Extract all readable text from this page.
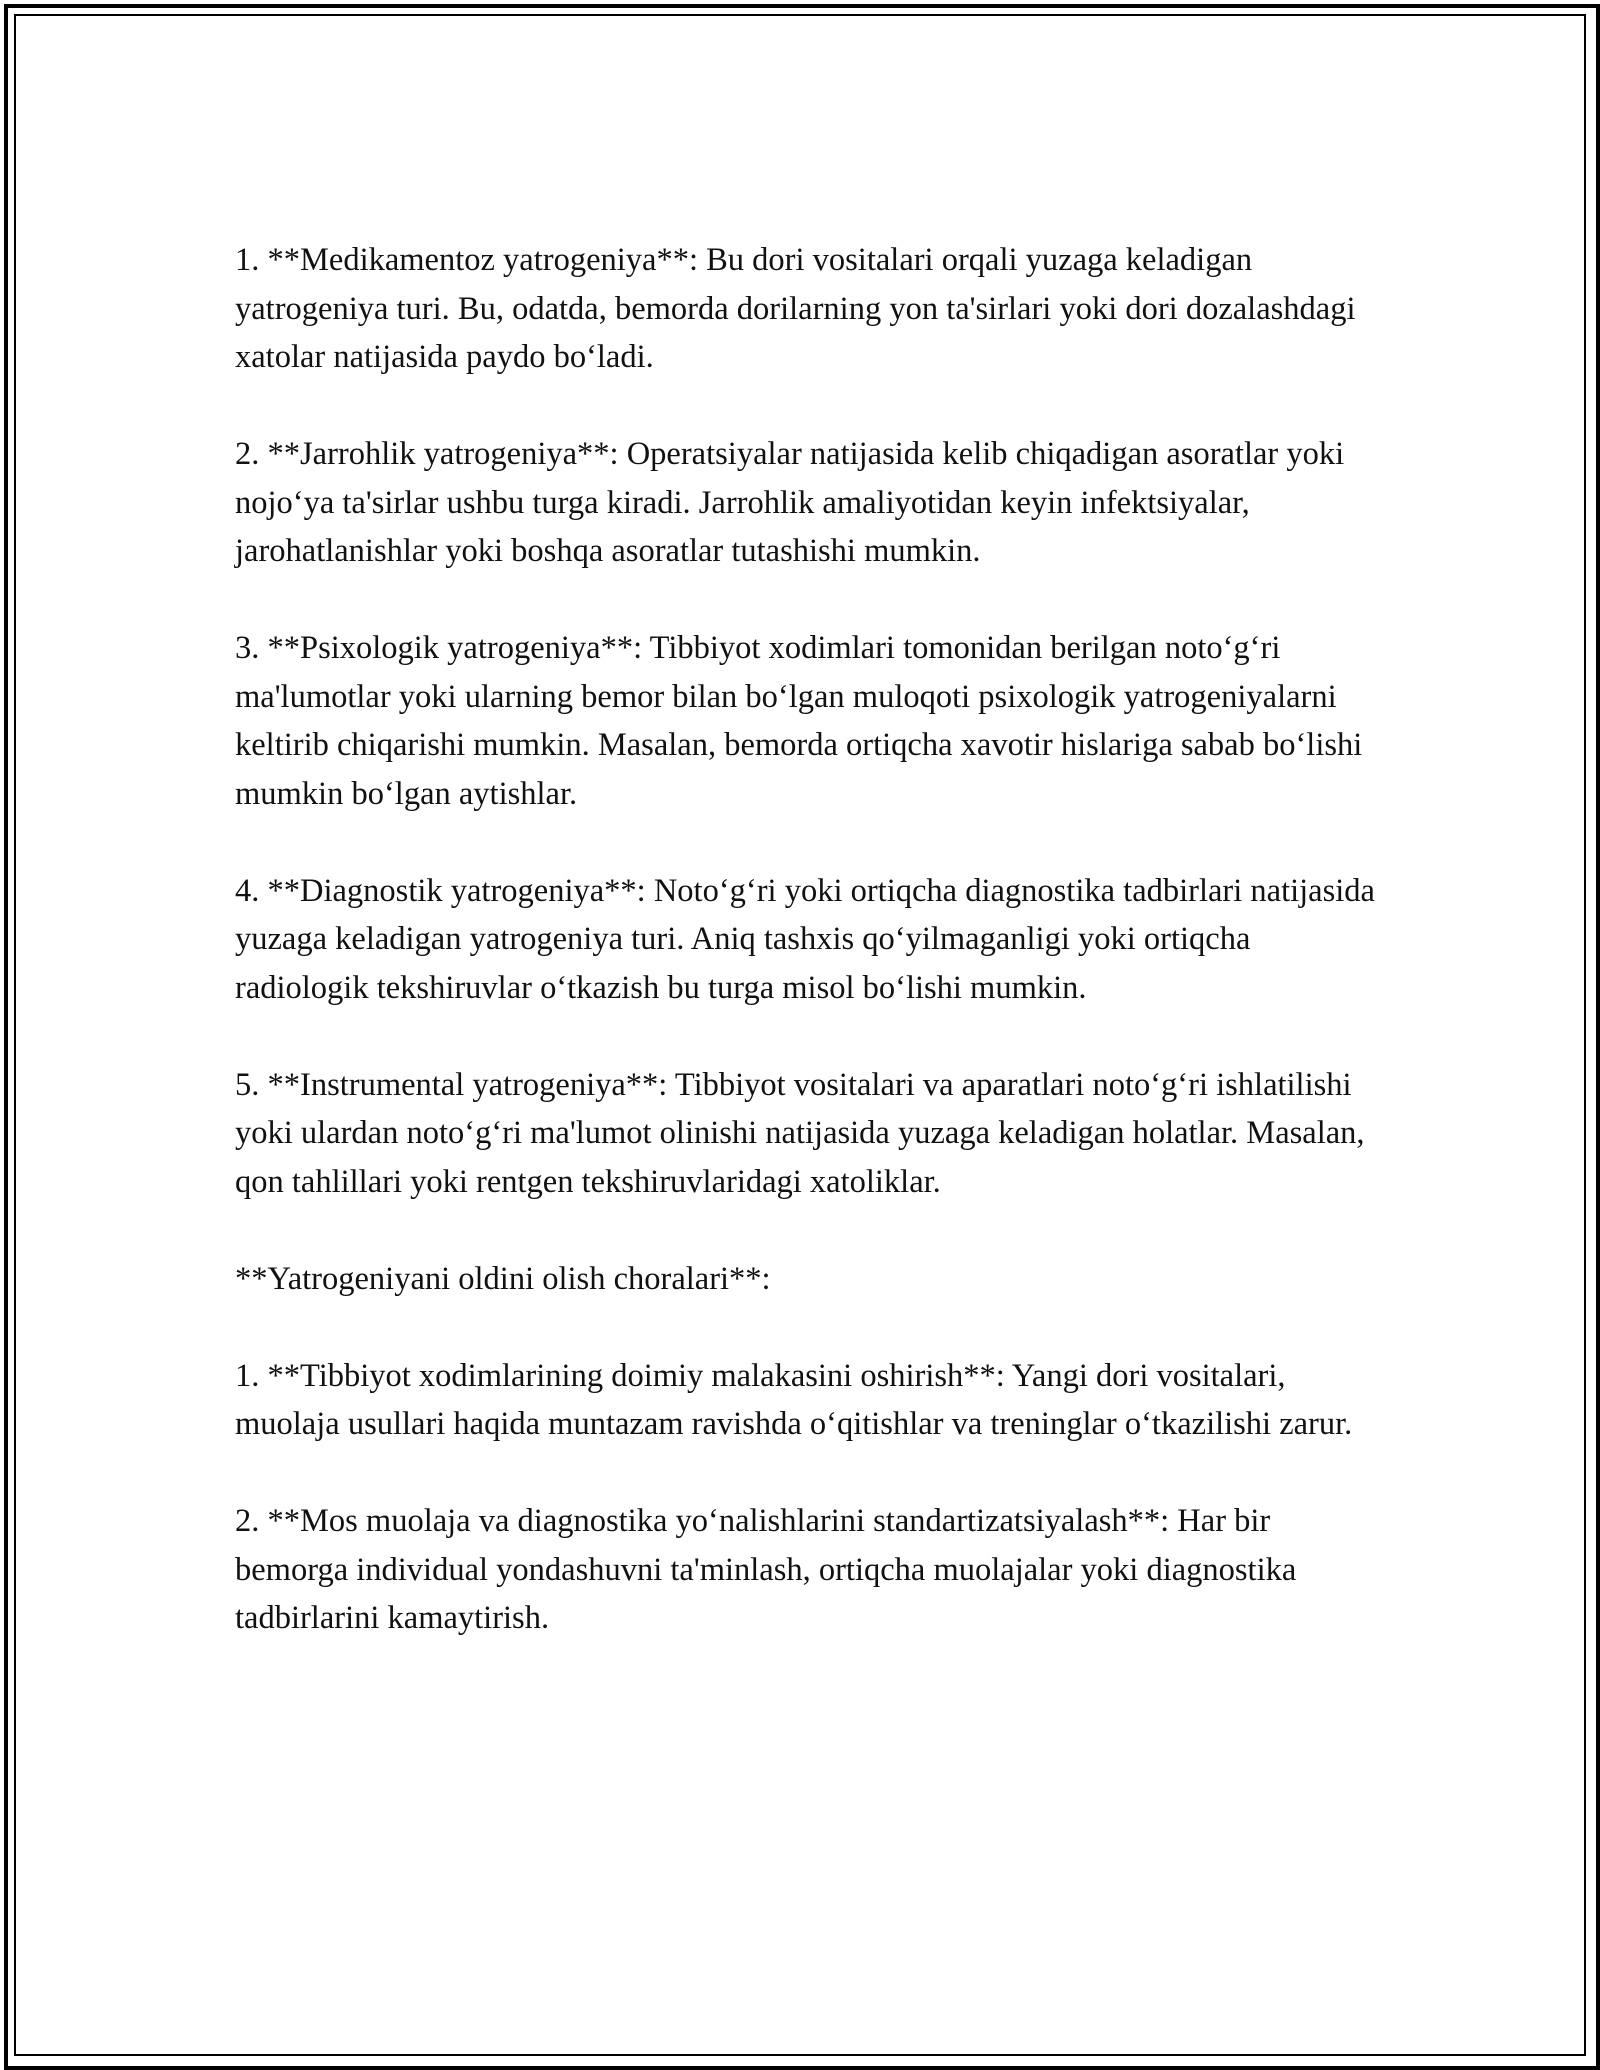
1. **Medikamentoz yatrogeniya**: Bu dori vositalari orqali yuzaga keladigan yatrogeniya turi. Bu, odatda, bemorda dorilarning yon ta'sirlari yoki dori dozalashdagi xatolar natijasida paydo bo‘ladi.

2. **Jarrohlik yatrogeniya**: Operatsiyalar natijasida kelib chiqadigan asoratlar yoki nojo‘ya ta'sirlar ushbu turga kiradi. Jarrohlik amaliyotidan keyin infektsiyalar, jarohatlanishlar yoki boshqa asoratlar tutashishi mumkin.

3. **Psixologik yatrogeniya**: Tibbiyot xodimlari tomonidan berilgan noto‘g‘ri ma'lumotlar yoki ularning bemor bilan bo‘lgan muloqoti psixologik yatrogeniyalarni keltirib chiqarishi mumkin. Masalan, bemorda ortiqcha xavotir hislariga sabab bo‘lishi mumkin bo‘lgan aytishlar.

4. **Diagnostik yatrogeniya**: Noto‘g‘ri yoki ortiqcha diagnostika tadbirlari natijasida yuzaga keladigan yatrogeniya turi. Aniq tashxis qo‘yilmaganligi yoki ortiqcha radiologik tekshiruvlar o‘tkazish bu turga misol bo‘lishi mumkin.

5. **Instrumental yatrogeniya**: Tibbiyot vositalari va aparatlari noto‘g‘ri ishlatilishi yoki ulardan noto‘g‘ri ma'lumot olinishi natijasida yuzaga keladigan holatlar. Masalan, qon tahlillari yoki rentgen tekshiruvlaridagi xatoliklar.

**Yatrogeniyani oldini olish choralari**:

1. **Tibbiyot xodimlarining doimiy malakasini oshirish**: Yangi dori vositalari, muolaja usullari haqida muntazam ravishda o‘qitishlar va treninglar o‘tkazilishi zarur.

2. **Mos muolaja va diagnostika yo‘nalishlarini standartizatsiyalash**: Har bir bemorga individual yondashuvni ta'minlash, ortiqcha muolajalar yoki diagnostika tadbirlarini kamaytirish.
